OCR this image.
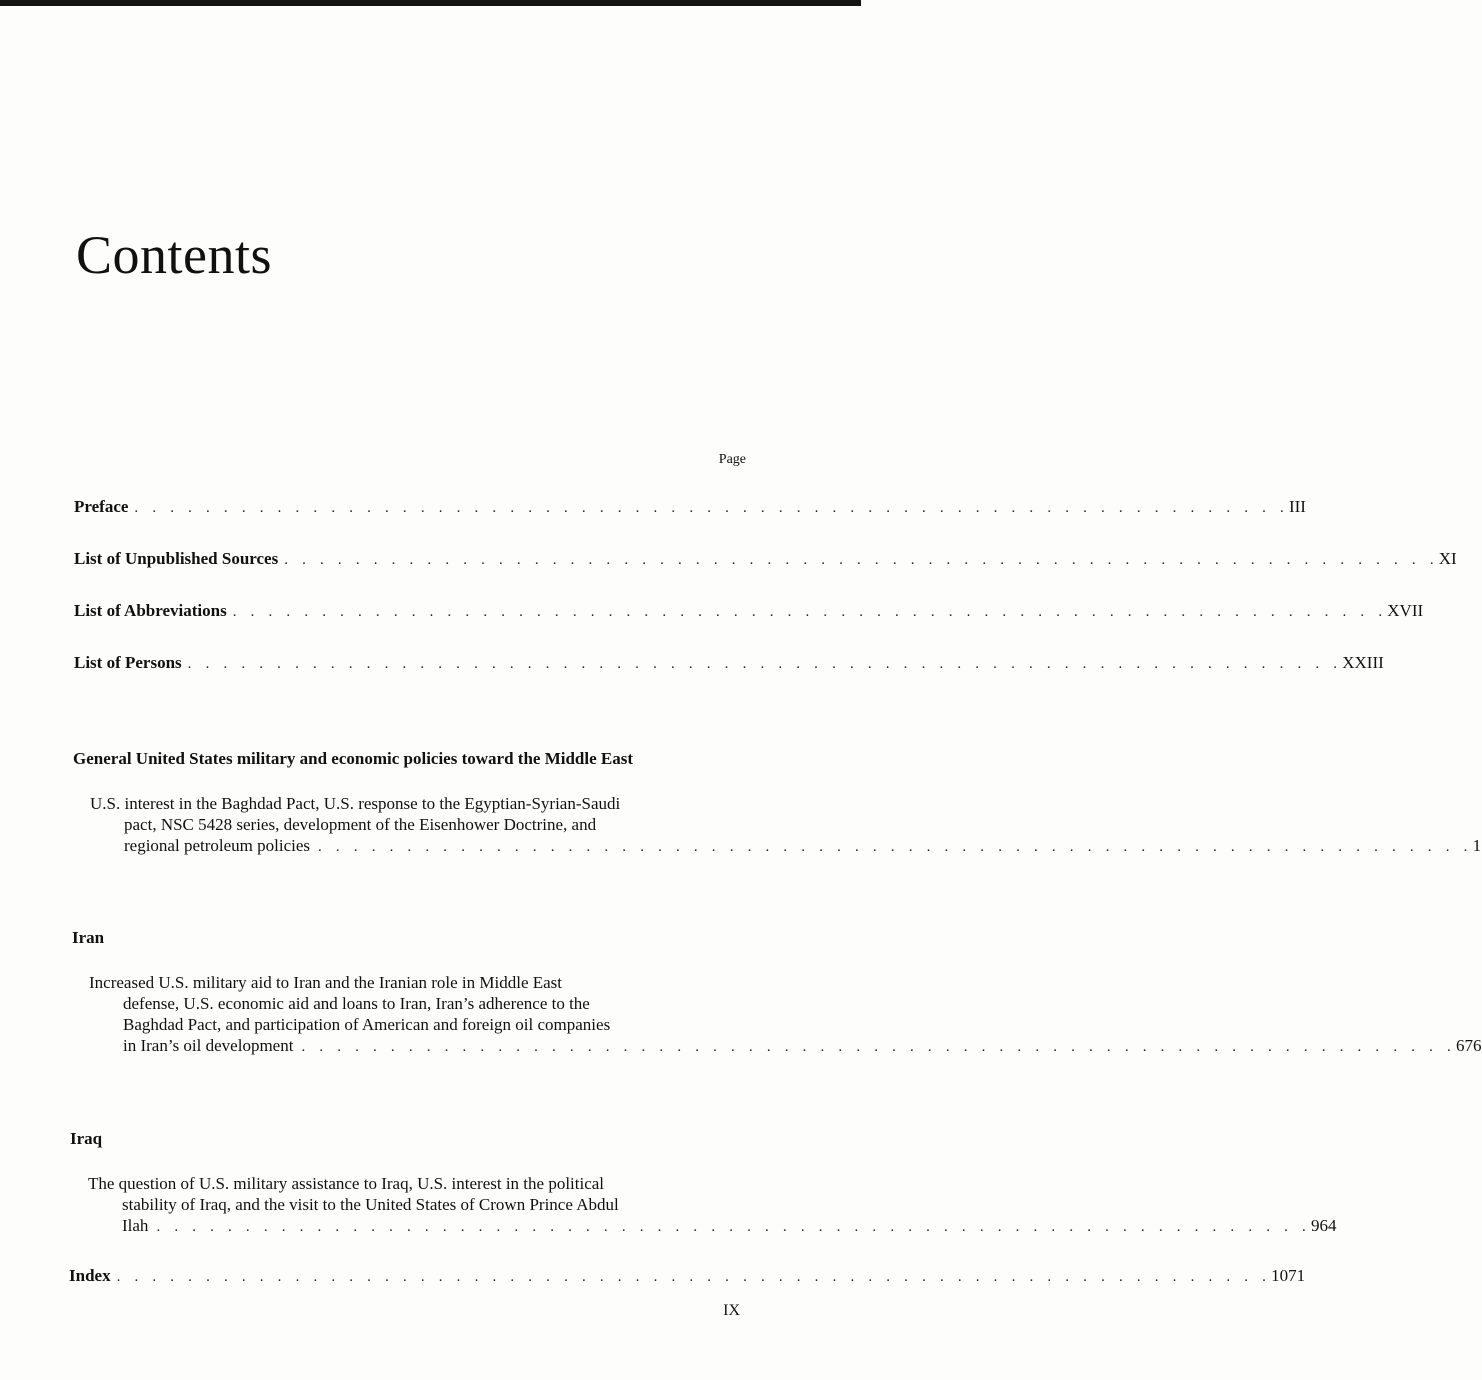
Contents
Page
Preface . . . . . . . . . . . . . . . . . . . . . . . . . . . . . . . . . . . . . . . . . . . . . . . . . . . . . . . . . . . . . . . . . III
List of Unpublished Sources . . . . . . . . . . . . . . . . . . . . . . . . . . . . . . . . . . . . . . . . . . . . . . . . . . . . . . . . . . . . . . . . . XI
List of Abbreviations . . . . . . . . . . . . . . . . . . . . . . . . . . . . . . . . . . . . . . . . . . . . . . . . . . . . . . . . . . . . . . . . . XVII
List of Persons . . . . . . . . . . . . . . . . . . . . . . . . . . . . . . . . . . . . . . . . . . . . . . . . . . . . . . . . . . . . . . . . . XXIII
General United States military and economic policies toward the Middle East
U.S. interest in the Baghdad Pact, U.S. response to the Egyptian-Syrian-Saudi
pact, NSC 5428 series, development of the Eisenhower Doctrine, and
regional petroleum policies . . . . . . . . . . . . . . . . . . . . . . . . . . . . . . . . . . . . . . . . . . . . . . . . . . . . . . . . . . . . . . . . . 1
Iran
Increased U.S. military aid to Iran and the Iranian role in Middle East
defense, U.S. economic aid and loans to Iran, Iran’s adherence to the
Baghdad Pact, and participation of American and foreign oil companies
in Iran’s oil development . . . . . . . . . . . . . . . . . . . . . . . . . . . . . . . . . . . . . . . . . . . . . . . . . . . . . . . . . . . . . . . . . 676
Iraq
The question of U.S. military assistance to Iraq, U.S. interest in the political
stability of Iraq, and the visit to the United States of Crown Prince Abdul
Ilah . . . . . . . . . . . . . . . . . . . . . . . . . . . . . . . . . . . . . . . . . . . . . . . . . . . . . . . . . . . . . . . . . 964
Index . . . . . . . . . . . . . . . . . . . . . . . . . . . . . . . . . . . . . . . . . . . . . . . . . . . . . . . . . . . . . . . . . 1071
IX
